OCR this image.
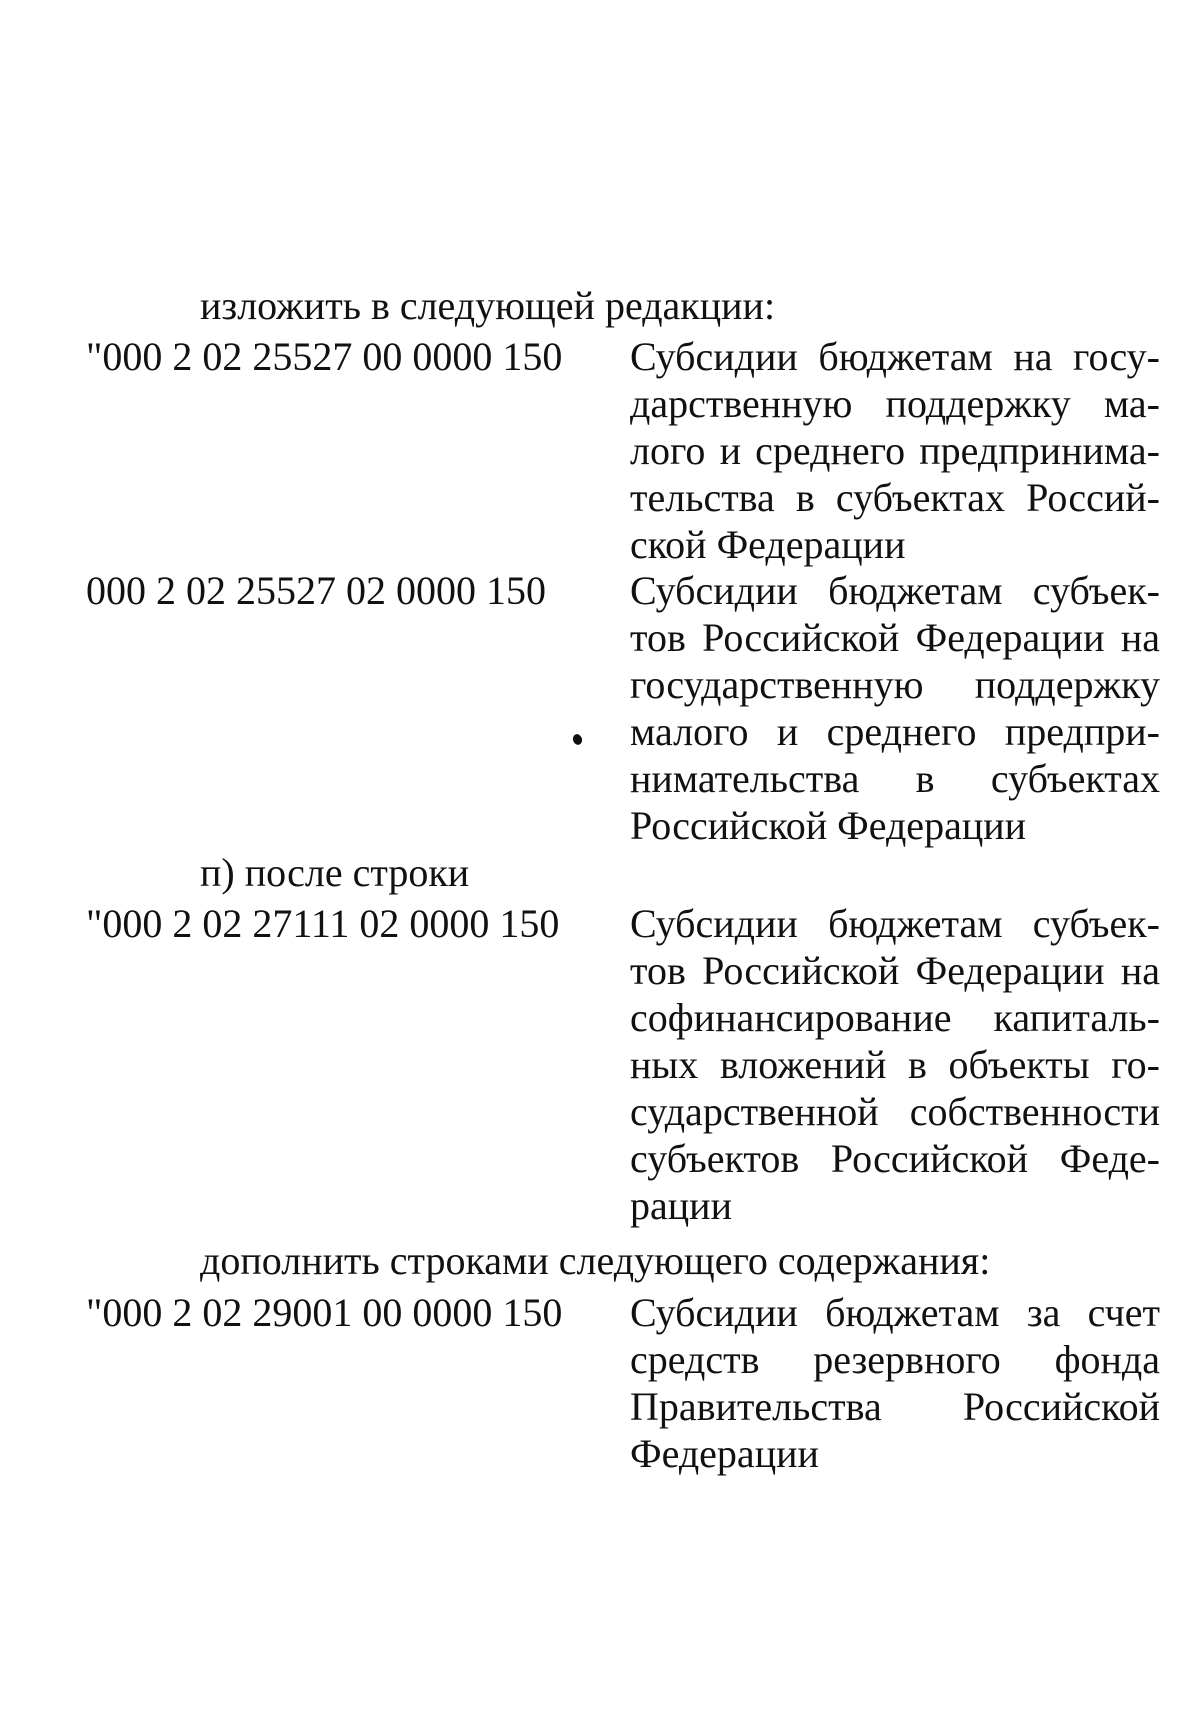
изложить в следующей редакции:
"000 2 02 25527 00 0000 150 Субсидии бюджетам на госу-
дарственную поддержку ма-
лого и среднего предпринима-
тельства в субъектах Россий-
ской Федерации
000 2 02 25527 02 0000 150 Субсидии бюджетам субъек-
тов Российской Федерации на
государственную поддержку
малого и среднего предпри-
нимательства в субъектах
Российской Федерации
п) после строки
"000 2 02 27111 02 0000 150 Субсидии бюджетам субъек-
тов Российской Федерации на
софинансирование капиталь-
ных вложений в объекты го-
сударственной собственности
субъектов Российской Феде-
рации
дополнить строками следующего содержания:
"000 2 02 29001 00 0000 150 Субсидии бюджетам за счет
средств резервного фонда
Правительства Российской
Федерации
